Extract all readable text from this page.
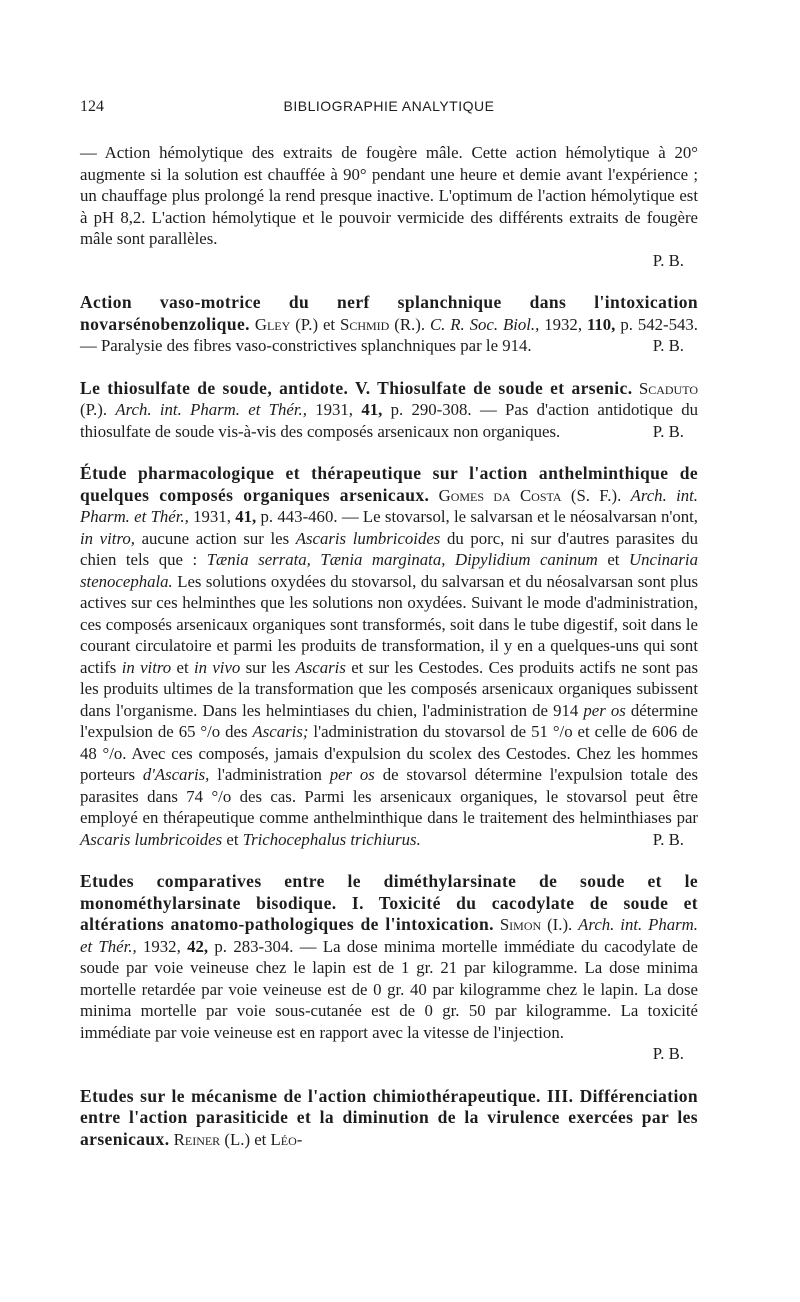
124	BIBLIOGRAPHIE ANALYTIQUE

— Action hémolytique des extraits de fougère mâle. Cette action hémolytique à 20° augmente si la solution est chauffée à 90° pendant une heure et demie avant l'expérience ; un chauffage plus prolongé la rend presque inactive. L'optimum de l'action hémolytique est à pH 8,2. L'action hémolytique et le pouvoir vermicide des différents extraits de fougère mâle sont parallèles.

P. B.

Action vaso-motrice du nerf splanchnique dans l'intoxication novarsénobenzolique. Gley (P.) et Schmid (R.). C. R. Soc. Biol., 1932, 110, p. 542-543. — Paralysie des fibres vaso-constrictives splanchniques par le 914.	P. B.

Le thiosulfate de soude, antidote. V. Thiosulfate de soude et arsenic. Scaduto (P.). Arch. int. Pharm. et Thér., 1931, 41, p. 290-308. — Pas d'action antidotique du thiosulfate de soude vis-à-vis des composés arsenicaux non organiques.	P. B.

Étude pharmacologique et thérapeutique sur l'action anthelminthique de quelques composés organiques arsenicaux. Gomes da Costa (S. F.). Arch. int. Pharm. et Thér., 1931, 41, p. 443-460. — Le stovarsol, le salvarsan et le néosalvarsan n'ont, in vitro, aucune action sur les Ascaris lumbricoides du porc, ni sur d'autres parasites du chien tels que : Tænia serrata, Tænia marginata, Dipylidium caninum et Uncinaria stenocephala. Les solutions oxydées du stovarsol, du salvarsan et du néosalvarsan sont plus actives sur ces helminthes que les solutions non oxydées. Suivant le mode d'administration, ces composés arsenicaux organiques sont transformés, soit dans le tube digestif, soit dans le courant circulatoire et parmi les produits de transformation, il y en a quelques-uns qui sont actifs in vitro et in vivo sur les Ascaris et sur les Cestodes. Ces produits actifs ne sont pas les produits ultimes de la transformation que les composés arsenicaux organiques subissent dans l'organisme. Dans les helmintiases du chien, l'administration de 914 per os détermine l'expulsion de 65 °/o des Ascaris; l'administration du stovarsol de 51 °/o et celle de 606 de 48 °/o. Avec ces composés, jamais d'expulsion du scolex des Cestodes. Chez les hommes porteurs d'Ascaris, l'administration per os de stovarsol détermine l'expulsion totale des parasites dans 74 °/o des cas. Parmi les arsenicaux organiques, le stovarsol peut être employé en thérapeutique comme anthelminthique dans le traitement des helminthiases par Ascaris lumbricoides et Trichocephalus trichiurus.	P. B.

Etudes comparatives entre le diméthylarsinate de soude et le monométhylarsinate bisodique. I. Toxicité du cacodylate de soude et altérations anatomo-pathologiques de l'intoxication. Simon (I.). Arch. int. Pharm. et Thér., 1932, 42, p. 283-304. — La dose minima mortelle immédiate du cacodylate de soude par voie veineuse chez le lapin est de 1 gr. 21 par kilogramme. La dose minima mortelle retardée par voie veineuse est de 0 gr. 40 par kilogramme chez le lapin. La dose minima mortelle par voie sous-cutanée est de 0 gr. 50 par kilogramme. La toxicité immédiate par voie veineuse est en rapport avec la vitesse de l'injection.

P. B.

Etudes sur le mécanisme de l'action chimiothérapeutique. III. Différenciation entre l'action parasiticide et la diminution de la virulence exercées par les arsenicaux. Reiner (L.) et Léo-
